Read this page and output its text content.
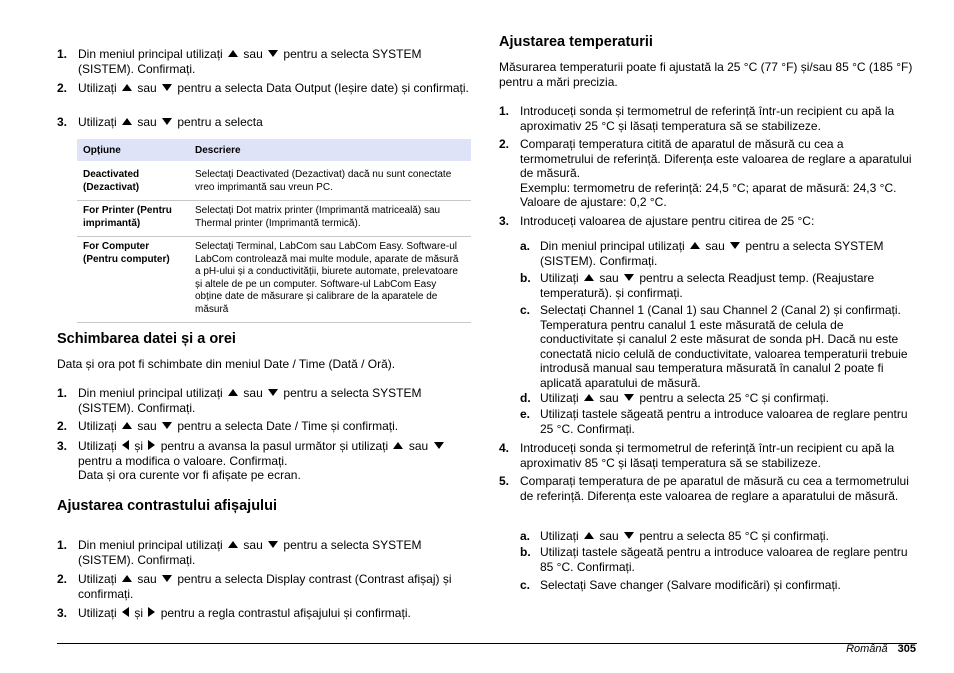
1. Din meniul principal utilizați  sau  pentru a selecta SYSTEM (SISTEM). Confirmați.
2. Utilizați  sau  pentru a selecta Data Output (Ieșire date) și confirmați.
3. Utilizați  sau  pentru a selecta
Opțiune	Descriere
Deactivated (Dezactivat)	Selectați Deactivated (Dezactivat) dacă nu sunt conectate vreo imprimantă sau vreun PC.
For Printer (Pentru imprimantă)	Selectați Dot matrix printer (Imprimantă matriceală) sau Thermal printer (Imprimantă termică).
For Computer (Pentru computer)	Selectați Terminal, LabCom sau LabCom Easy. Software-ul LabCom controlează mai multe module, aparate de măsură a pH-ului și a conductivității, biurete automate, prelevatoare și altele de pe un computer. Software-ul LabCom Easy obține date de măsurare și calibrare de la aparatele de măsură
Schimbarea datei și a orei
Data și ora pot fi schimbate din meniul Date / Time (Dată / Oră).
1. Din meniul principal utilizați  sau  pentru a selecta SYSTEM (SISTEM). Confirmați.
2. Utilizați  sau  pentru a selecta Date / Time și confirmați.
3. Utilizați  și  pentru a avansa la pasul următor și utilizați  sau  pentru a modifica o valoare. Confirmați.
Data și ora curente vor fi afișate pe ecran.
Ajustarea contrastului afișajului
1. Din meniul principal utilizați  sau  pentru a selecta SYSTEM (SISTEM). Confirmați.
2. Utilizați  sau  pentru a selecta Display contrast (Contrast afișaj) și confirmați.
3. Utilizați  și  pentru a regla contrastul afișajului și confirmați.
Ajustarea temperaturii
Măsurarea temperaturii poate fi ajustată la 25 °C (77 °F) și/sau 85 °C (185 °F) pentru a mări precizia.
1. Introduceți sonda și termometrul de referință într-un recipient cu apă la aproximativ 25 °C și lăsați temperatura să se stabilizeze.
2. Comparați temperatura citită de aparatul de măsură cu cea a termometrului de referință. Diferența este valoarea de reglare a aparatului de măsură.
Exemplu: termometru de referință: 24,5 °C; aparat de măsură: 24,3 °C. Valoare de ajustare: 0,2 °C.
3. Introduceți valoarea de ajustare pentru citirea de 25 °C:
a. Din meniul principal utilizați  sau  pentru a selecta SYSTEM (SISTEM). Confirmați.
b. Utilizați  sau  pentru a selecta Readjust temp. (Reajustare temperatură). și confirmați.
c. Selectați Channel 1 (Canal 1) sau Channel 2 (Canal 2) și confirmați. Temperatura pentru canalul 1 este măsurată de celula de conductivitate și canalul 2 este măsurat de sonda pH. Dacă nu este conectată nicio celulă de conductivitate, valoarea temperaturii trebuie introdusă manual sau temperatura măsurată în canalul 2 poate fi aplicată aparatului de măsură.
d. Utilizați  sau  pentru a selecta 25 °C și confirmați.
e. Utilizați tastele săgeată pentru a introduce valoarea de reglare pentru 25 °C. Confirmați.
4. Introduceți sonda și termometrul de referință într-un recipient cu apă la aproximativ 85 °C și lăsați temperatura să se stabilizeze.
5. Comparați temperatura de pe aparatul de măsură cu cea a termometrului de referință. Diferența este valoarea de reglare a aparatului de măsură.
a. Utilizați  sau  pentru a selecta 85 °C și confirmați.
b. Utilizați tastele săgeată pentru a introduce valoarea de reglare pentru 85 °C. Confirmați.
c. Selectați Save changer (Salvare modificări) și confirmați.
Română 305
